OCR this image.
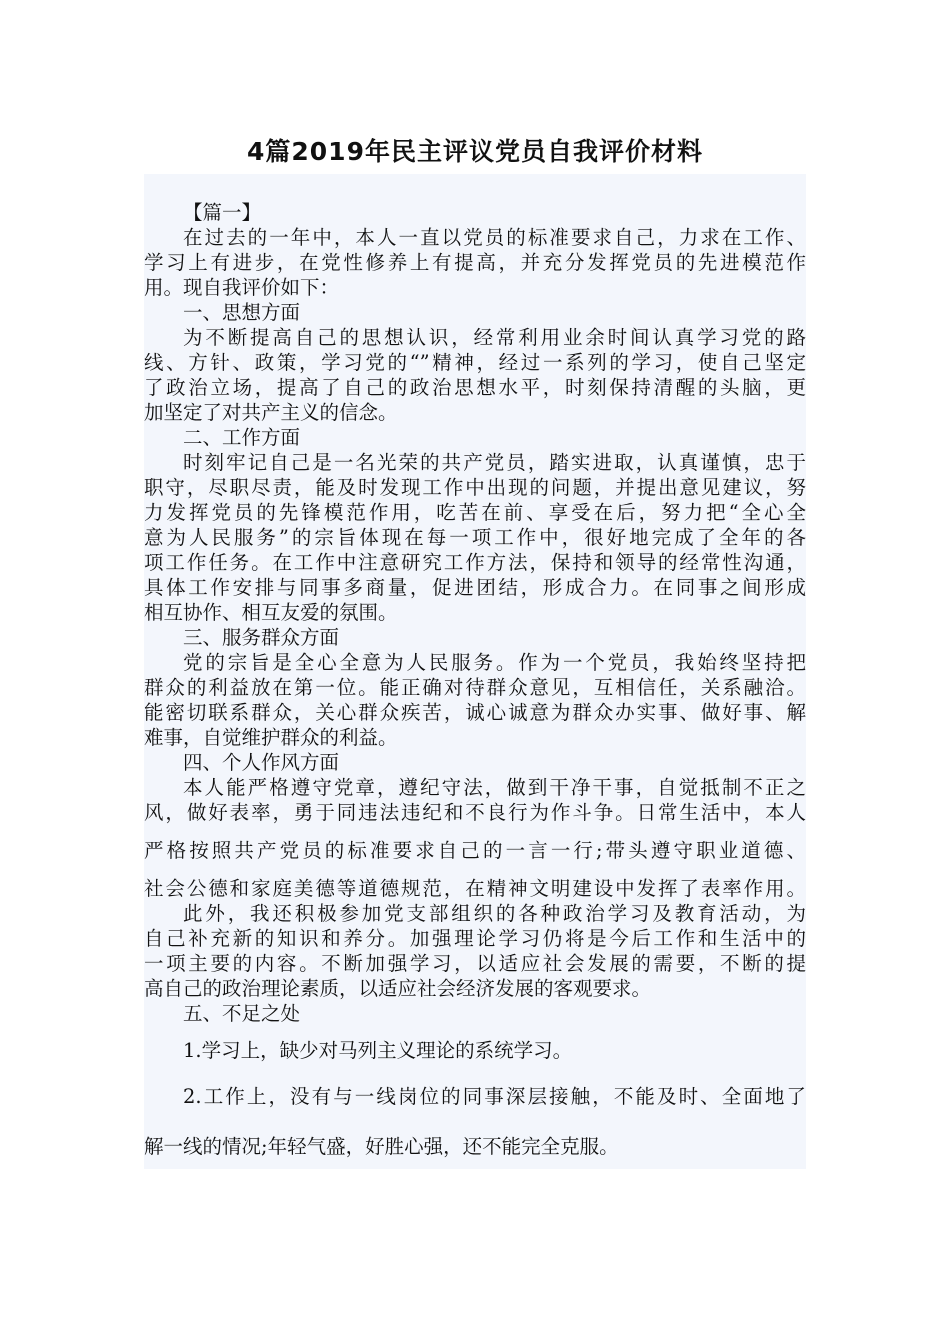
4篇2019年民主评议党员自我评价材料
【篇一】
在过去的一年中，本人一直以党员的标准要求自己，力求在工作、
学习上有进步，在党性修养上有提高，并充分发挥党员的先进模范作
用。现自我评价如下：
一、思想方面
为不断提高自己的思想认识，经常利用业余时间认真学习党的路
线、方针、政策，学习党的“”精神，经过一系列的学习，使自己坚定
了政治立场，提高了自己的政治思想水平，时刻保持清醒的头脑，更
加坚定了对共产主义的信念。
二、工作方面
时刻牢记自己是一名光荣的共产党员，踏实进取，认真谨慎，忠于
职守，尽职尽责，能及时发现工作中出现的问题，并提出意见建议，努
力发挥党员的先锋模范作用，吃苦在前、享受在后，努力把“全心全
意为人民服务”的宗旨体现在每一项工作中，很好地完成了全年的各
项工作任务。在工作中注意研究工作方法，保持和领导的经常性沟通，
具体工作安排与同事多商量，促进团结，形成合力。在同事之间形成
相互协作、相互友爱的氛围。
三、服务群众方面
党的宗旨是全心全意为人民服务。作为一个党员，我始终坚持把
群众的利益放在第一位。能正确对待群众意见，互相信任，关系融洽。
能密切联系群众，关心群众疾苦，诚心诚意为群众办实事、做好事、解
难事，自觉维护群众的利益。
四、个人作风方面
本人能严格遵守党章，遵纪守法，做到干净干事，自觉抵制不正之
风，做好表率，勇于同违法违纪和不良行为作斗争。日常生活中，本人
严格按照共产党员的标准要求自己的一言一行;带头遵守职业道德、
社会公德和家庭美德等道德规范，在精神文明建设中发挥了表率作用。
此外，我还积极参加党支部组织的各种政治学习及教育活动，为
自己补充新的知识和养分。加强理论学习仍将是今后工作和生活中的
一项主要的内容。不断加强学习，以适应社会发展的需要，不断的提
高自己的政治理论素质，以适应社会经济发展的客观要求。
五、不足之处
1.学习上，缺少对马列主义理论的系统学习。
2.工作上，没有与一线岗位的同事深层接触，不能及时、全面地了
解一线的情况;年轻气盛，好胜心强，还不能完全克服。
